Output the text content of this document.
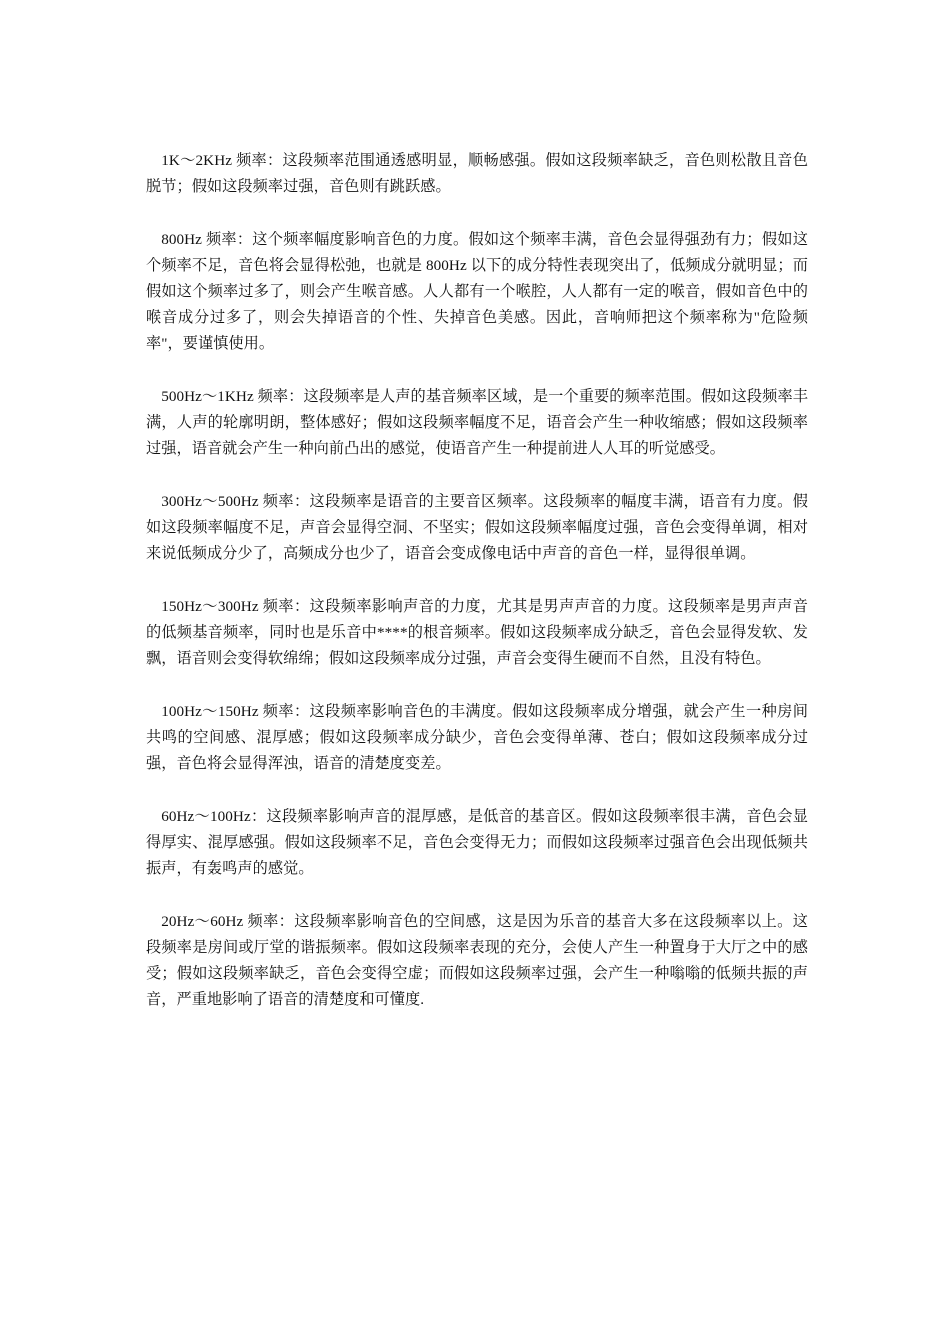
1K～2KHz 频率：这段频率范围通透感明显，顺畅感强。假如这段频率缺乏，音色则松散且音色脱节；假如这段频率过强，音色则有跳跃感。

800Hz 频率：这个频率幅度影响音色的力度。假如这个频率丰满，音色会显得强劲有力；假如这个频率不足，音色将会显得松弛，也就是 800Hz 以下的成分特性表现突出了，低频成分就明显；而假如这个频率过多了，则会产生喉音感。人人都有一个喉腔，人人都有一定的喉音，假如音色中的喉音成分过多了，则会失掉语音的个性、失掉音色美感。因此，音响师把这个频率称为"危险频率"，要谨慎使用。

500Hz～1KHz 频率：这段频率是人声的基音频率区域，是一个重要的频率范围。假如这段频率丰满，人声的轮廓明朗，整体感好；假如这段频率幅度不足，语音会产生一种收缩感；假如这段频率过强，语音就会产生一种向前凸出的感觉，使语音产生一种提前进人人耳的听觉感受。

300Hz～500Hz 频率：这段频率是语音的主要音区频率。这段频率的幅度丰满，语音有力度。假如这段频率幅度不足，声音会显得空洞、不坚实；假如这段频率幅度过强，音色会变得单调，相对来说低频成分少了，高频成分也少了，语音会变成像电话中声音的音色一样，显得很单调。

150Hz～300Hz 频率：这段频率影响声音的力度，尤其是男声声音的力度。这段频率是男声声音的低频基音频率，同时也是乐音中****的根音频率。假如这段频率成分缺乏，音色会显得发软、发飘，语音则会变得软绵绵；假如这段频率成分过强，声音会变得生硬而不自然，且没有特色。

100Hz～150Hz 频率：这段频率影响音色的丰满度。假如这段频率成分增强，就会产生一种房间共鸣的空间感、混厚感；假如这段频率成分缺少，音色会变得单薄、苍白；假如这段频率成分过强，音色将会显得浑浊，语音的清楚度变差。

60Hz～100Hz：这段频率影响声音的混厚感，是低音的基音区。假如这段频率很丰满，音色会显得厚实、混厚感强。假如这段频率不足，音色会变得无力；而假如这段频率过强音色会出现低频共振声，有轰鸣声的感觉。

20Hz～60Hz 频率：这段频率影响音色的空间感，这是因为乐音的基音大多在这段频率以上。这段频率是房间或厅堂的谐振频率。假如这段频率表现的充分，会使人产生一种置身于大厅之中的感受；假如这段频率缺乏，音色会变得空虚；而假如这段频率过强，会产生一种嗡嗡的低频共振的声音，严重地影响了语音的清楚度和可懂度.
